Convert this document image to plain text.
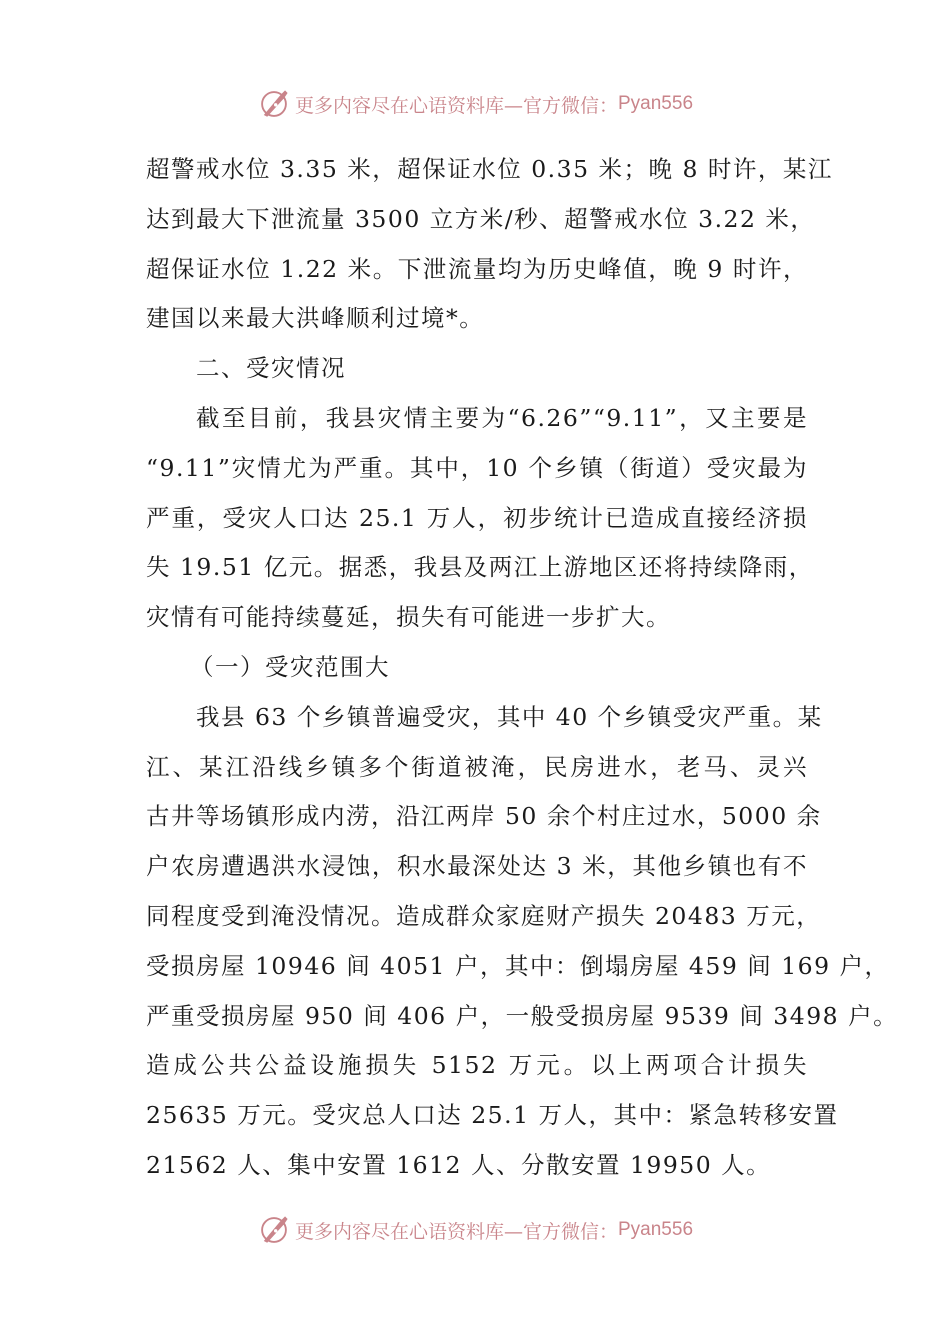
更多内容尽在心语资料库—官方微信： Pyan556

超警戒水位 3.35 米，超保证水位 0.35 米；晚 8 时许，某江
达到最大下泄流量 3500 立方米/秒、超警戒水位 3.22 米，
超保证水位 1.22 米。下泄流量均为历史峰值，晚 9 时许，
建国以来最大洪峰顺利过境*。

二、受灾情况

截至目前，我县灾情主要为“6.26”“9.11”，又主要是
“9.11”灾情尤为严重。其中，10 个乡镇（街道）受灾最为
严重，受灾人口达 25.1 万人，初步统计已造成直接经济损
失 19.51 亿元。据悉，我县及两江上游地区还将持续降雨，
灾情有可能持续蔓延，损失有可能进一步扩大。

（一）受灾范围大

我县 63 个乡镇普遍受灾，其中 40 个乡镇受灾严重。某
江、某江沿线乡镇多个街道被淹，民房进水，老马、灵兴
古井等场镇形成内涝，沿江两岸 50 余个村庄过水，5000 余
户农房遭遇洪水浸蚀，积水最深处达 3 米，其他乡镇也有不
同程度受到淹没情况。造成群众家庭财产损失 20483 万元，
受损房屋 10946 间 4051 户，其中：倒塌房屋 459 间 169 户，
严重受损房屋 950 间 406 户，一般受损房屋 9539 间 3498 户。
造成公共公益设施损失 5152 万元。以上两项合计损失
25635 万元。受灾总人口达 25.1 万人，其中：紧急转移安置
21562 人、集中安置 1612 人、分散安置 19950 人。

更多内容尽在心语资料库—官方微信： Pyan556
